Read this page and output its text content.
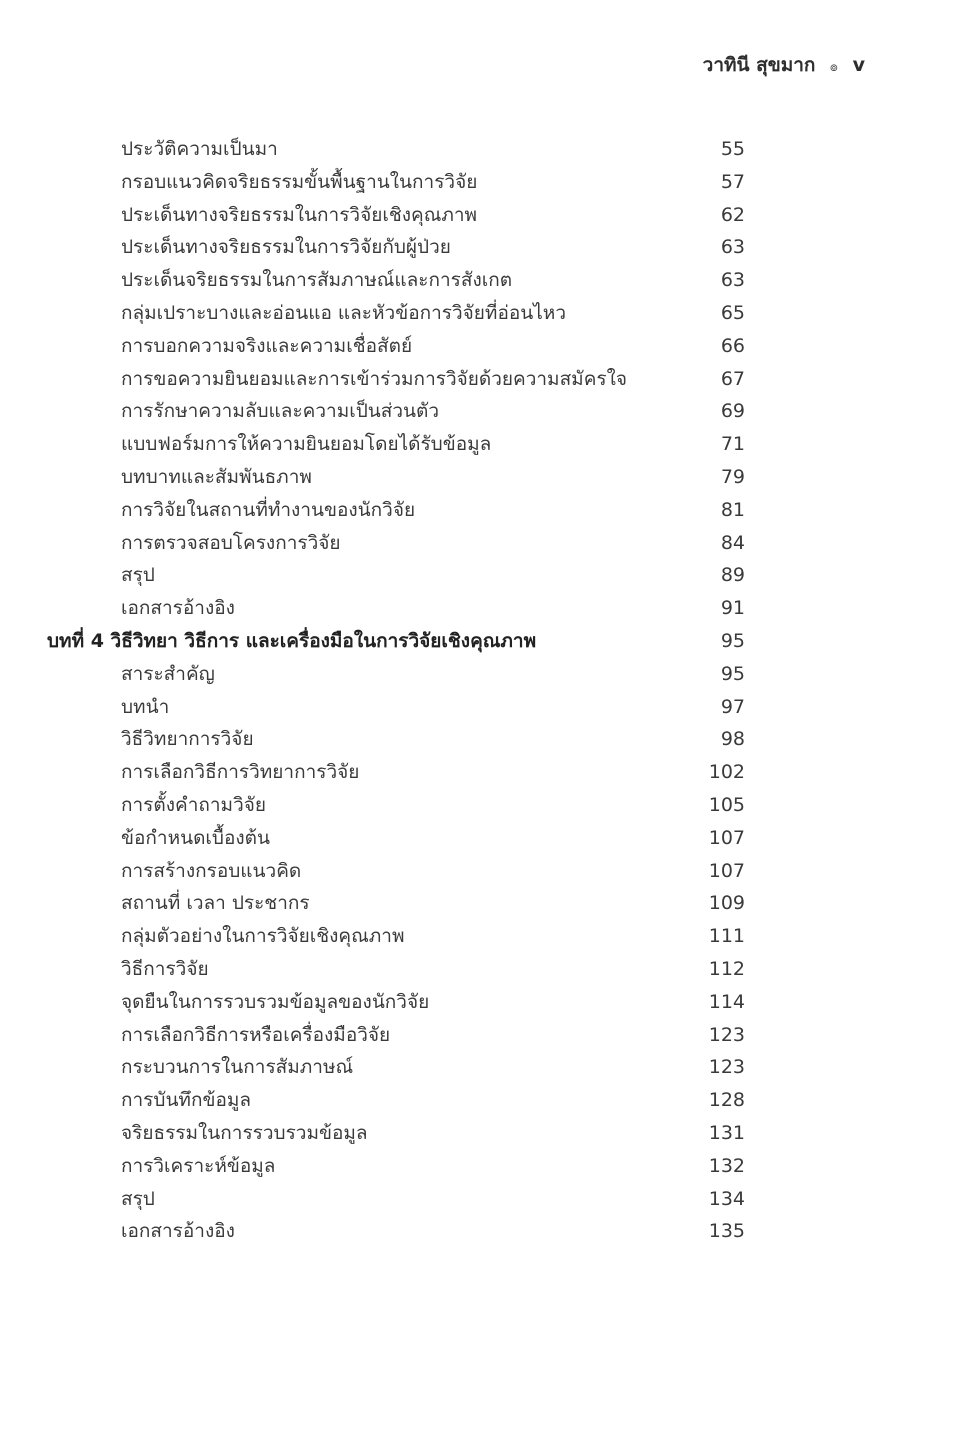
วาทินี สุขมาก ๏ v
ประวัติความเป็นมา	55
กรอบแนวคิดจริยธรรมขั้นพื้นฐานในการวิจัย	57
ประเด็นทางจริยธรรมในการวิจัยเชิงคุณภาพ	62
ประเด็นทางจริยธรรมในการวิจัยกับผู้ป่วย	63
ประเด็นจริยธรรมในการสัมภาษณ์และการสังเกต	63
กลุ่มเปราะบางและอ่อนแอ และหัวข้อการวิจัยที่อ่อนไหว	65
การบอกความจริงและความเชื่อสัตย์	66
การขอความยินยอมและการเข้าร่วมการวิจัยด้วยความสมัครใจ	67
การรักษาความลับและความเป็นส่วนตัว	69
แบบฟอร์มการให้ความยินยอมโดยได้รับข้อมูล	71
บทบาทและสัมพันธภาพ	79
การวิจัยในสถานที่ทำงานของนักวิจัย	81
การตรวจสอบโครงการวิจัย	84
สรุป	89
เอกสารอ้างอิง	91
บทที่ 4 วิธีวิทยา วิธีการ และเครื่องมือในการวิจัยเชิงคุณภาพ	95
สาระสำคัญ	95
บทนำ	97
วิธีวิทยาการวิจัย	98
การเลือกวิธีการวิทยาการวิจัย	102
การตั้งคำถามวิจัย	105
ข้อกำหนดเบื้องต้น	107
การสร้างกรอบแนวคิด	107
สถานที่ เวลา ประชากร	109
กลุ่มตัวอย่างในการวิจัยเชิงคุณภาพ	111
วิธีการวิจัย	112
จุดยืนในการรวบรวมข้อมูลของนักวิจัย	114
การเลือกวิธีการหรือเครื่องมือวิจัย	123
กระบวนการในการสัมภาษณ์	123
การบันทึกข้อมูล	128
จริยธรรมในการรวบรวมข้อมูล	131
การวิเคราะห์ข้อมูล	132
สรุป	134
เอกสารอ้างอิง	135
